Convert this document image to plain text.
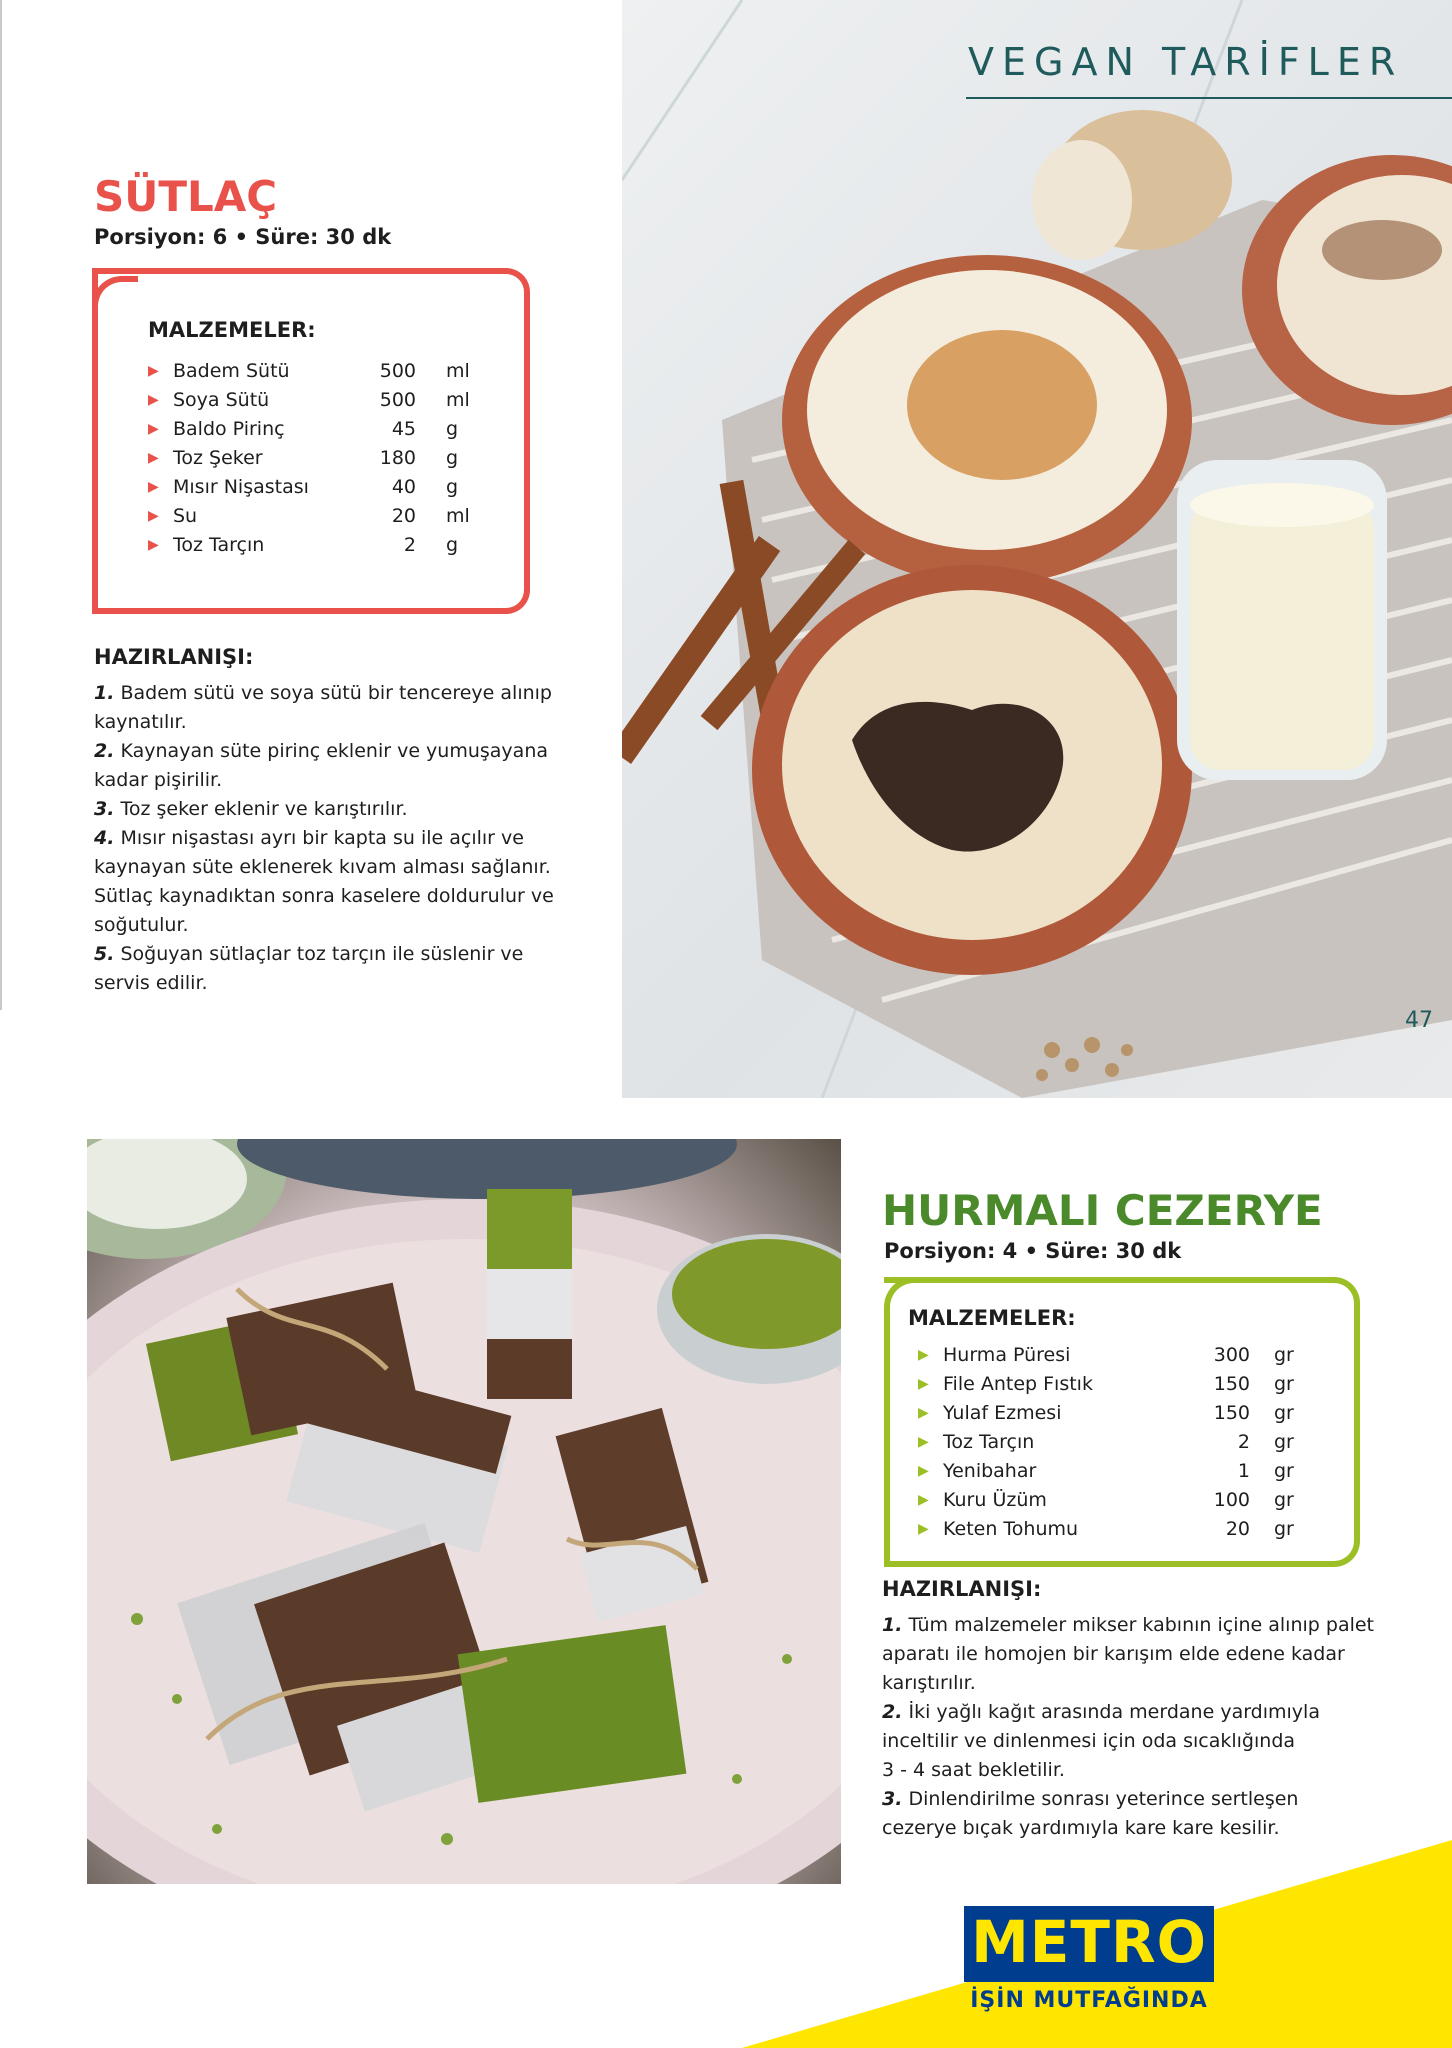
VEGAN TARİFLER
47
SÜTLAÇ
Porsiyon: 6 • Süre: 30 dk
MALZEMELER:
▶ Badem Sütü	500 ml
▶ Soya Sütü	500 ml
▶ Baldo Pirinç	45 g
▶ Toz Şeker	180 g
▶ Mısır Nişastası	40 g
▶ Su	20 ml
▶ Toz Tarçın	2 g
HAZIRLANIŞI:

1. Badem sütü ve soya sütü bir tencereye alınıp

kaynatılır.

2. Kaynayan süte pirinç eklenir ve yumuşayana

kadar pişirilir.

3. Toz şeker eklenir ve karıştırılır.

4. Mısır nişastası ayrı bir kapta su ile açılır ve

kaynayan süte eklenerek kıvam alması sağlanır.

Sütlaç kaynadıktan sonra kaselere doldurulur ve

soğutulur.

5. Soğuyan sütlaçlar toz tarçın ile süslenir ve

servis edilir.

HURMALI CEZERYE
Porsiyon: 4 • Süre: 30 dk
MALZEMELER:
▶ Hurma Püresi	300 gr
▶ File Antep Fıstık	150 gr
▶ Yulaf Ezmesi	150 gr
▶ Toz Tarçın	2 gr
▶ Yenibahar	1 gr
▶ Kuru Üzüm	100 gr
▶ Keten Tohumu	20 gr
HAZIRLANIŞI:

1. Tüm malzemeler mikser kabının içine alınıp palet

aparatı ile homojen bir karışım elde edene kadar

karıştırılır.

2. İki yağlı kağıt arasında merdane yardımıyla

inceltilir ve dinlenmesi için oda sıcaklığında

3 - 4 saat bekletilir.

3. Dinlendirilme sonrası yeterince sertleşen

cezerye bıçak yardımıyla kare kare kesilir.

METRO
İŞİN MUTFAĞINDA
